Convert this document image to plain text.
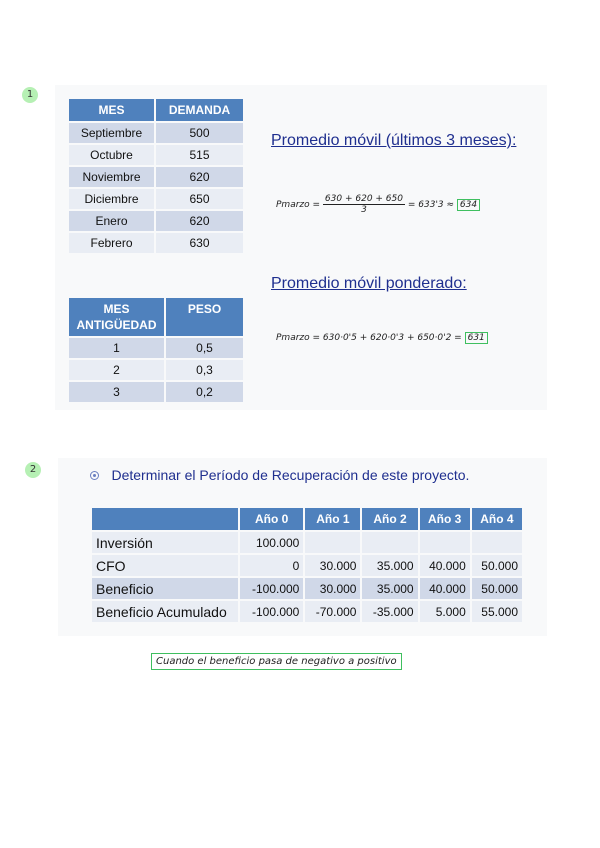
1
MES	DEMANDA
Septiembre	500
Octubre	515
Noviembre	620
Diciembre	650
Enero	620
Febrero	630
MES ANTIGÜEDAD	PESO
1	0,5
2	0,3
3	0,2
Promedio móvil (últimos 3 meses):
Pmarzo = $\frac{630 + 620 + 650}{3} = 633'3 \approx 634$
Promedio móvil ponderado:
Pmarzo = 630·0'5 + 620·0'3 + 650·0'2 = 631
2	Determinar el Período de Recuperación de este proyecto.
	Año 0	Año 1	Año 2	Año 3	Año 4
Inversión	100.000				
CFO	0	30.000	35.000	40.000	50.000
Beneficio	-100.000	30.000	35.000	40.000	50.000
Beneficio Acumulado	-100.000	-70.000	-35.000	5.000	55.000
Cuando el beneficio pasa de negativo a positivo
